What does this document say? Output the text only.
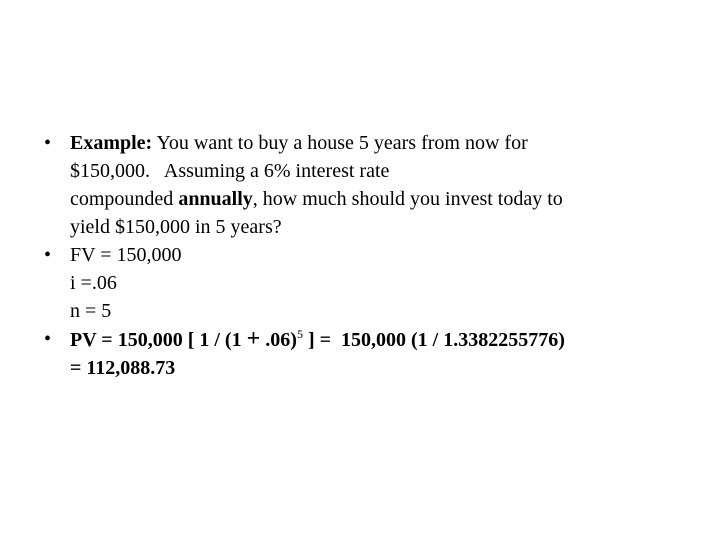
• Example: You want to buy a house 5 years from now for
$150,000.   Assuming a 6% interest rate
compounded annually, how much should you invest today to
yield $150,000 in 5 years?
• FV = 150,000
i =.06
n = 5
• PV = 150,000 [ $1 / (1 + .06)^5$ ] =  150,000 (1 / 1.3382255776)
= 112,088.73
